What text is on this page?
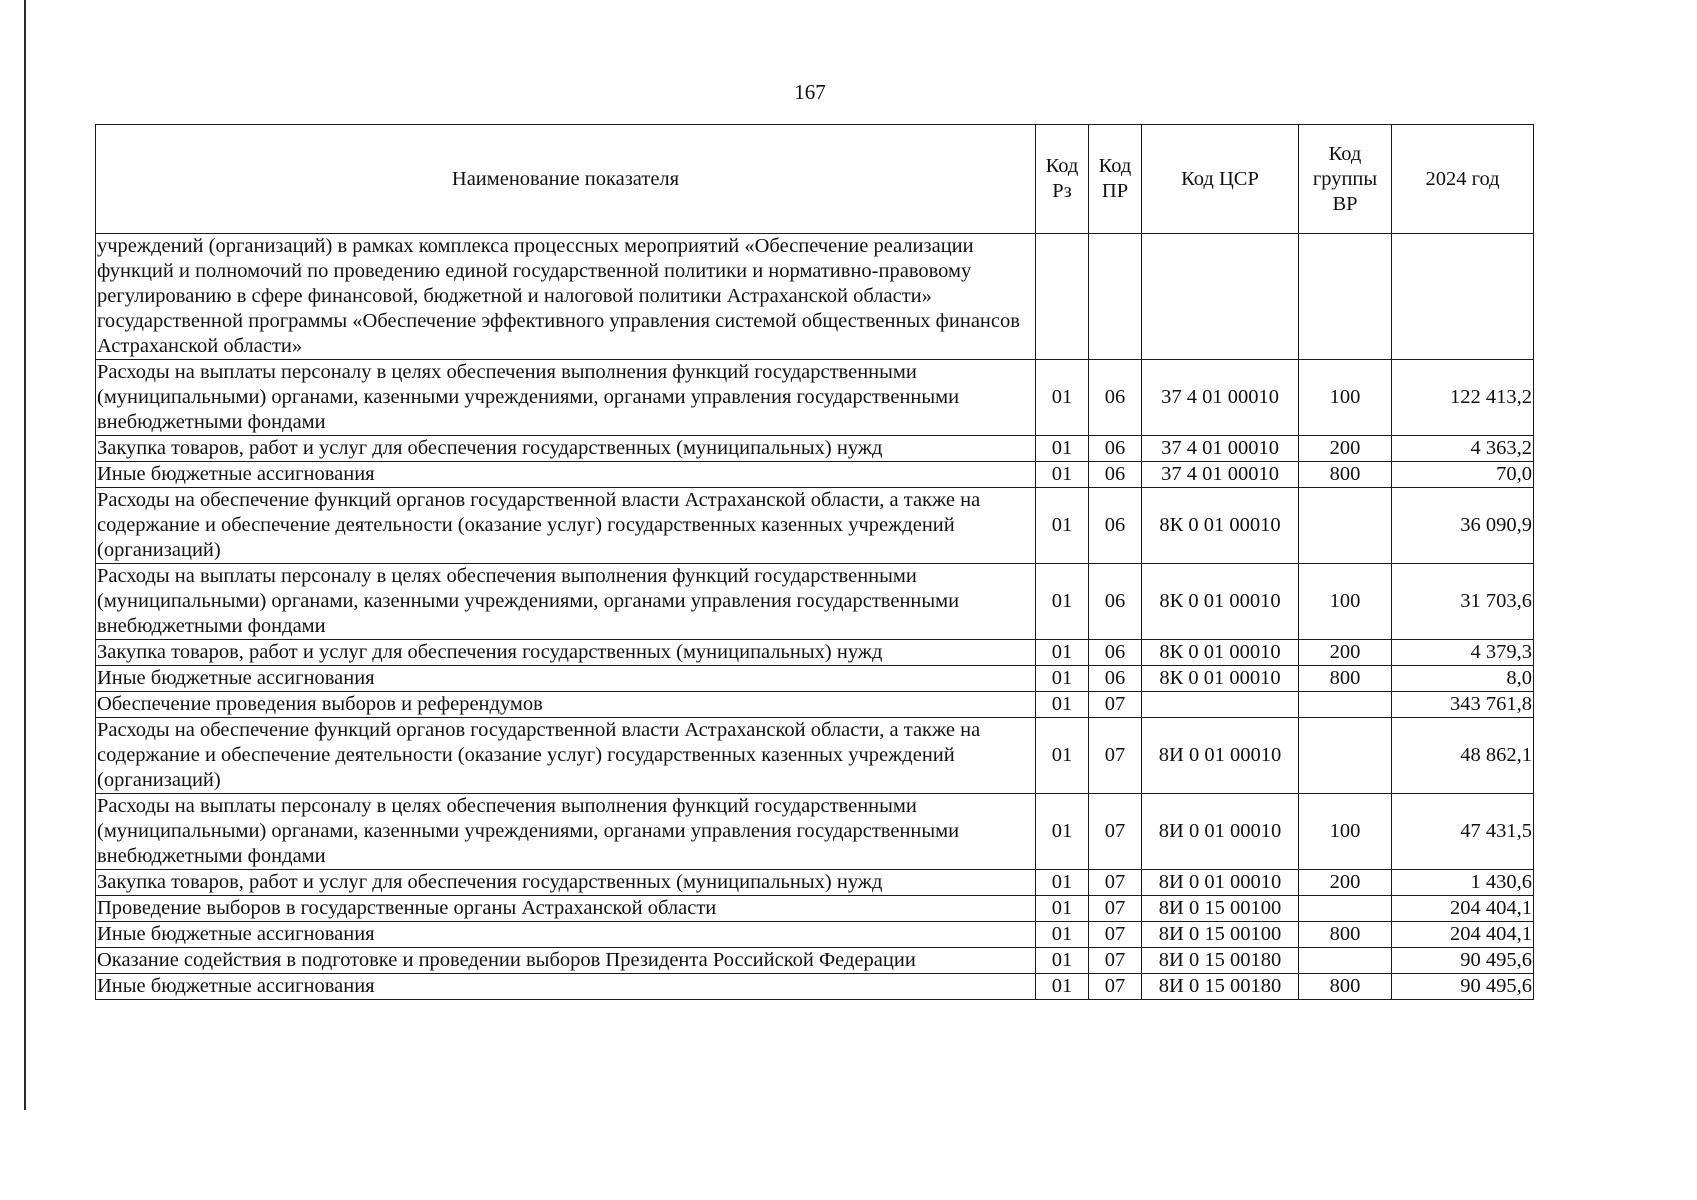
167
Наименование показателя	Код Рз	Код ПР	Код ЦСР	Код группы ВР	2024 год
учреждений (организаций) в рамках комплекса процессных мероприятий «Обеспечение реализации функций и полномочий по проведению единой государственной политики и нормативно-правовому регулированию в сфере финансовой, бюджетной и налоговой политики Астраханской области» государственной программы «Обеспечение эффективного управления системой общественных финансов Астраханской области»					
Расходы на выплаты персоналу в целях обеспечения выполнения функций государственными (муниципальными) органами, казенными учреждениями, органами управления государственными внебюджетными фондами	01	06	37 4 01 00010	100	122 413,2
Закупка товаров, работ и услуг для обеспечения государственных (муниципальных) нужд	01	06	37 4 01 00010	200	4 363,2
Иные бюджетные ассигнования	01	06	37 4 01 00010	800	70,0
Расходы на обеспечение функций органов государственной власти Астраханской области, а также на содержание и обеспечение деятельности (оказание услуг) государственных казенных учреждений (организаций)	01	06	8К 0 01 00010		36 090,9
Расходы на выплаты персоналу в целях обеспечения выполнения функций государственными (муниципальными) органами, казенными учреждениями, органами управления государственными внебюджетными фондами	01	06	8К 0 01 00010	100	31 703,6
Закупка товаров, работ и услуг для обеспечения государственных (муниципальных) нужд	01	06	8К 0 01 00010	200	4 379,3
Иные бюджетные ассигнования	01	06	8К 0 01 00010	800	8,0
Обеспечение проведения выборов и референдумов	01	07			343 761,8
Расходы на обеспечение функций органов государственной власти Астраханской области, а также на содержание и обеспечение деятельности (оказание услуг) государственных казенных учреждений (организаций)	01	07	8И 0 01 00010		48 862,1
Расходы на выплаты персоналу в целях обеспечения выполнения функций государственными (муниципальными) органами, казенными учреждениями, органами управления государственными внебюджетными фондами	01	07	8И 0 01 00010	100	47 431,5
Закупка товаров, работ и услуг для обеспечения государственных (муниципальных) нужд	01	07	8И 0 01 00010	200	1 430,6
Проведение выборов в государственные органы Астраханской области	01	07	8И 0 15 00100		204 404,1
Иные бюджетные ассигнования	01	07	8И 0 15 00100	800	204 404,1
Оказание содействия в подготовке и проведении выборов Президента Российской Федерации	01	07	8И 0 15 00180		90 495,6
Иные бюджетные ассигнования	01	07	8И 0 15 00180	800	90 495,6
